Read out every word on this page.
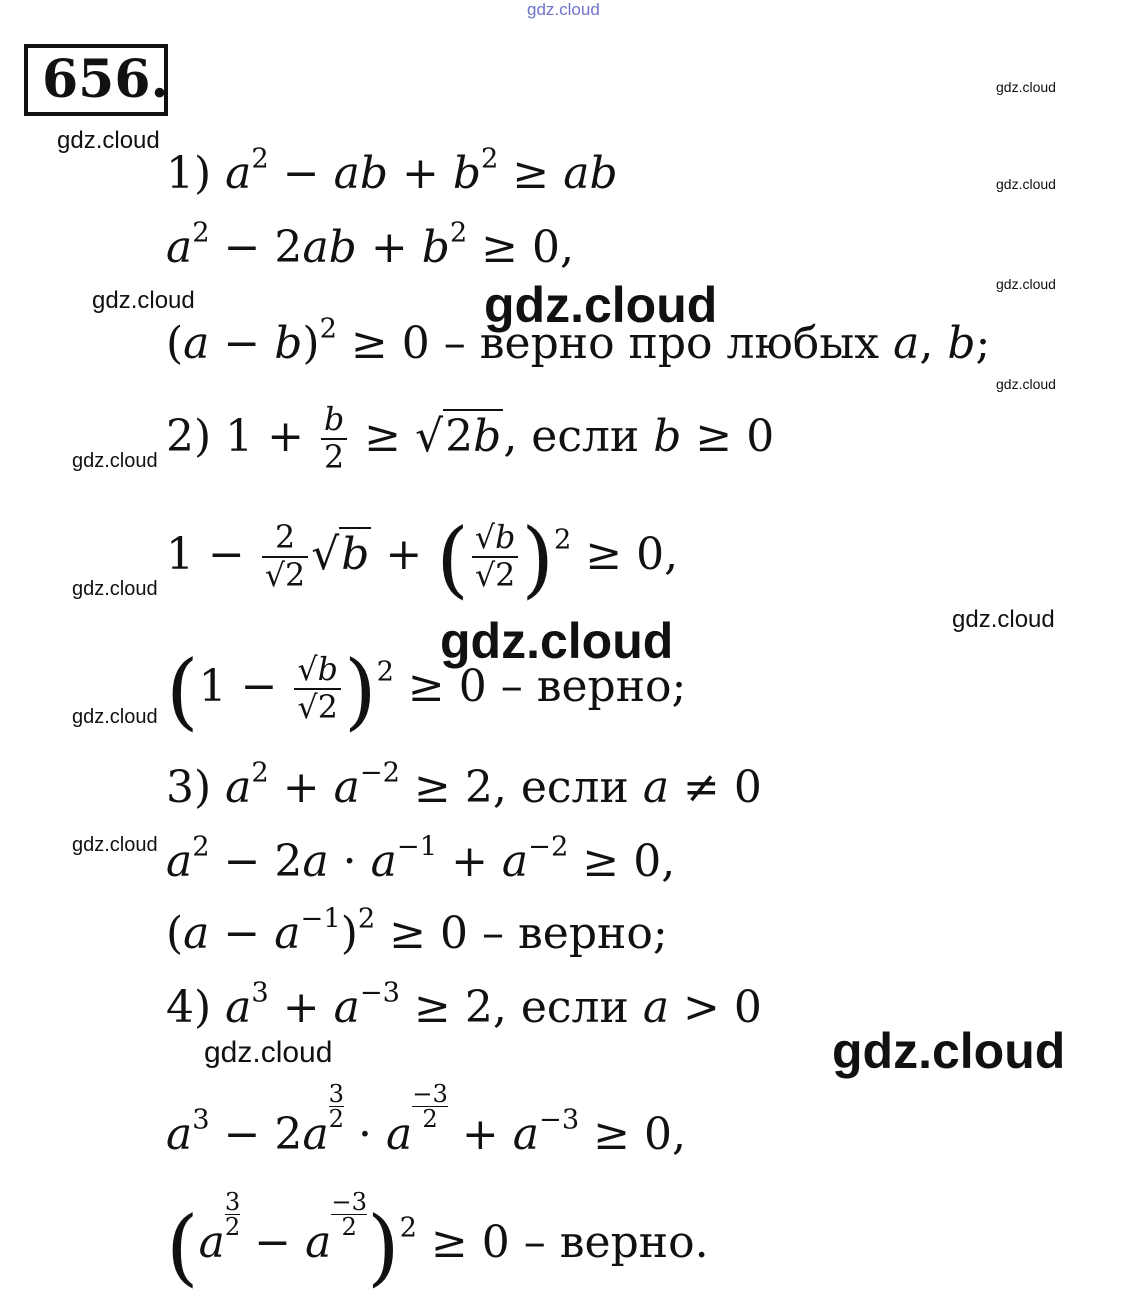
gdz.cloud
gdz.cloud
gdz.cloud
gdz.cloud
gdz.cloud
gdz.cloud	gdz.cloud
gdz.cloud
gdz.cloud
gdz.cloud
gdz.cloud
gdz.cloud
gdz.cloud
gdz.cloud
gdz.cloud	gdz.cloud
656.
1) $a^2$ − ab + $b^2$ ≥ ab
$a^2 - 2ab + b^2 \ge 0$,
$(a - b)^2 \ge 0$ – верно про любых a, b;
2) $1 + \frac{b}{2} \ge √2b$, если b ≥ 0
$1 - \frac{2}{√2} √b$ + ( $\frac{√b}{√2} )^2 \ge 0$,
$(1 - \frac{√b}{√2} )^2 \ge 0$ – верно;
3) $a^2 + a^{-2} \ge 2$, если a ≠ 0
$a^2 - 2a \cdot a^{-1} + a^{-2} \ge 0$,
$(a - a^{-1})^2 \ge 0$ – верно;
4) $a^3 + a^{-3} \ge 2$, если a > 0
$a^3 - 2a$
$\frac{3}{2}$
· a
$\frac{-3}{2}$
+ $a^{-3} \ge 0$,
(a
$\frac{3}{2}$
− a
$\frac{-3}{2} )^2 \ge 0$ – верно.
